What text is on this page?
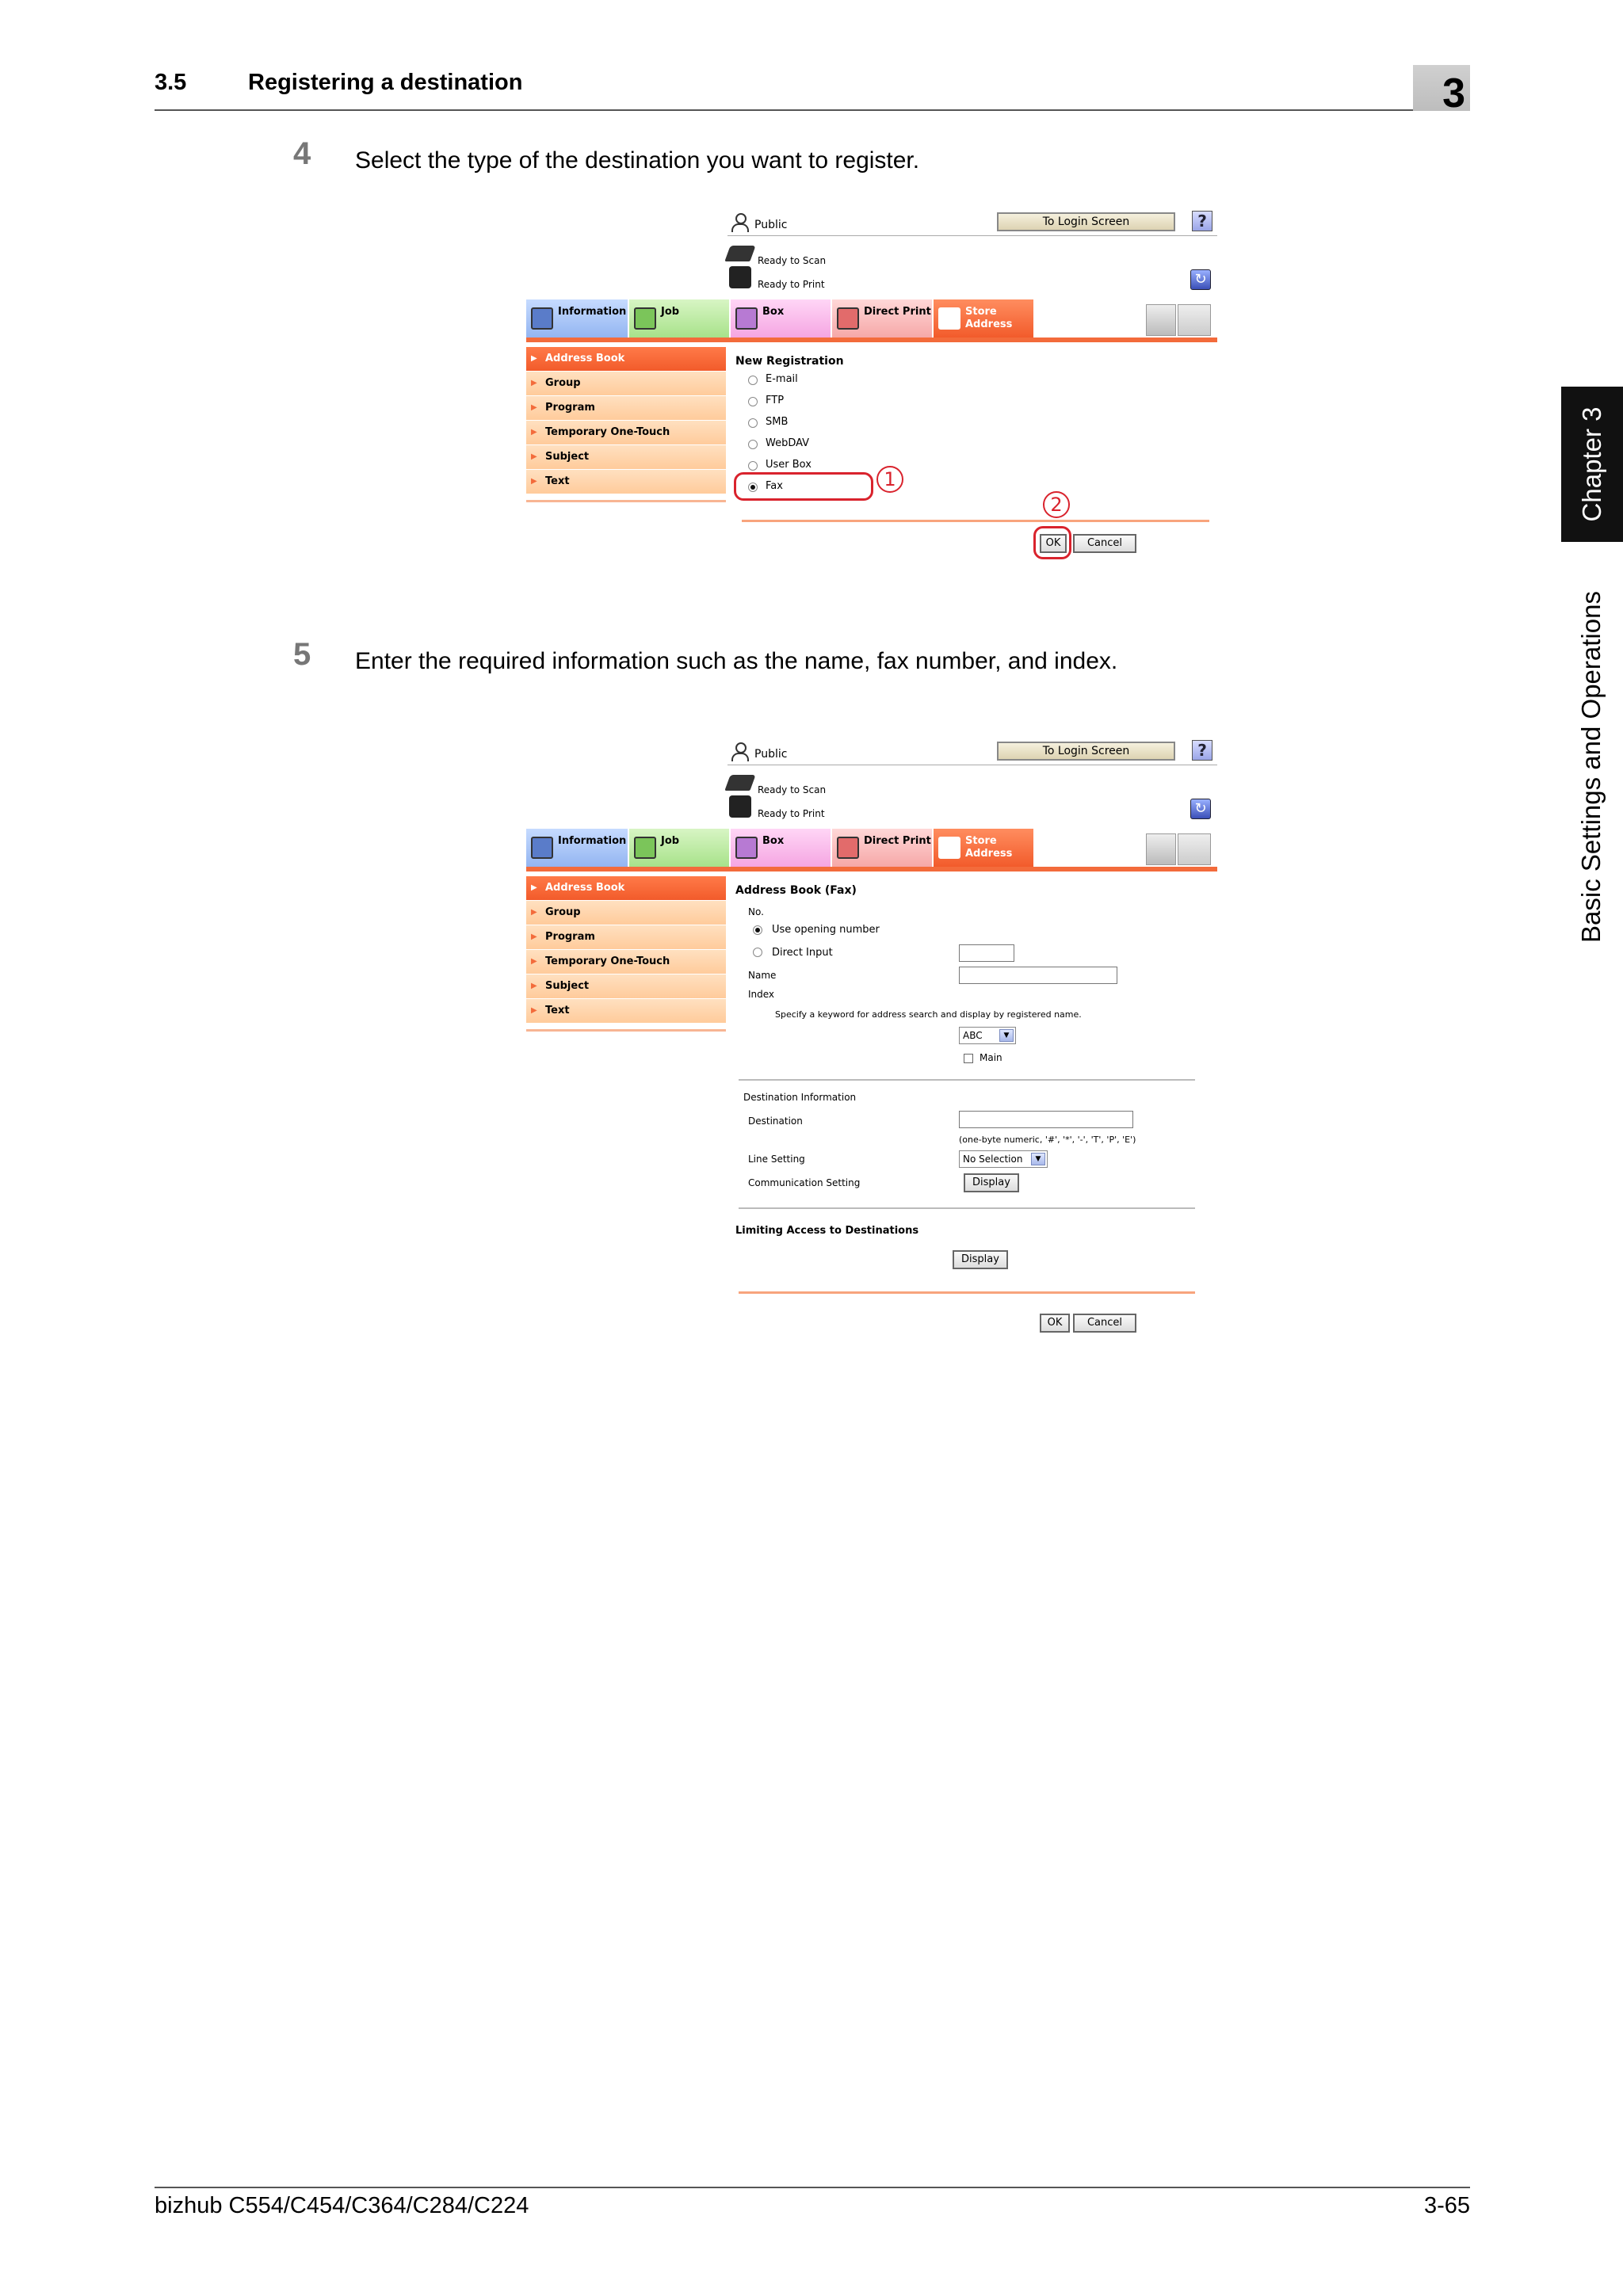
3.5	Registering a destination	3
Chapter 3
Basic Settings and Operations
4 Select the type of the destination you want to register.
Public	To Login Screen	?
Ready to Scan
Ready to Print	↻
Information	Job	Box	Direct Print	Store
Address
▶ Address Book
▶ Group
▶ Program
▶ Temporary One-Touch
▶ Subject
▶ Text
New Registration
E-mail
FTP
SMB
WebDAV
User Box
Fax	1
2
OK	Cancel
5 Enter the required information such as the name, fax number, and index.
Public	To Login Screen	?
Ready to Scan
Ready to Print	↻
Information	Job	Box	Direct Print	Store
Address
▶ Address Book
▶ Group
▶ Program
▶ Temporary One-Touch
▶ Subject
▶ Text
Address Book (Fax)
No.
Use opening number
Direct Input
Name
Index
Specify a keyword for address search and display by registered name.
ABC	▼
Main
Destination Information
Destination
(one-byte numeric, '#', '*', '-', 'T', 'P', 'E')
Line Setting	No Selection	▼
Communication Setting	Display
Limiting Access to Destinations
Display
OK	Cancel
bizhub C554/C454/C364/C284/C224	3-65
